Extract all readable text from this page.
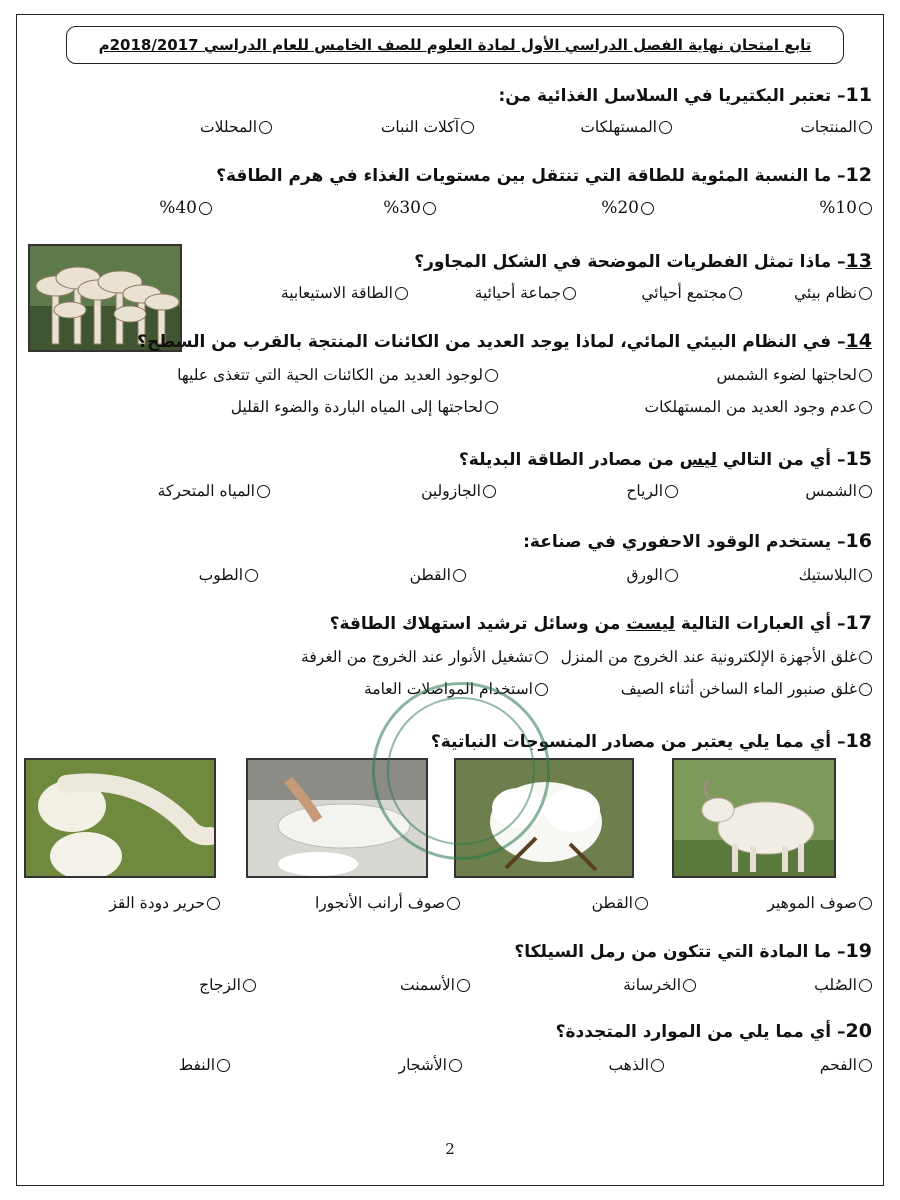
تابع امتحان نهاية الفصل الدراسي الأول لمادة العلوم للصف الخامس للعام الدراسي 2018/2017م
11– تعتبر البكتيريا في السلاسل الغذائية من:
المنتجات
المستهلكات
آكلات النبات
المحللات
12– ما النسبة المئوية للطاقة التي تنتقل بين مستويات الغذاء في هرم الطاقة؟
%10
%20
%30
%40
13– ماذا تمثل الفطريات الموضحة في الشكل المجاور؟
نظام بيئي
مجتمع أحيائي
جماعة أحيائية
الطاقة الاستيعابية
14– في النظام البيئي المائي، لماذا يوجد العديد من الكائنات المنتجة بالقرب من السطح؟
لحاجتها لضوء الشمس
لوجود العديد من الكائنات الحية التي تتغذى عليها
عدم وجود العديد من المستهلكات
لحاجتها إلى المياه الباردة والضوء القليل
15– أي من التالي ليس من مصادر الطاقة البديلة؟
الشمس
الرياح
الجازولين
المياه المتحركة
16– يستخدم الوقود الاحفوري في صناعة:
البلاستيك
الورق
القطن
الطوب
17– أي العبارات التالية ليست من وسائل ترشيد استهلاك الطاقة؟
غلق الأجهزة الإلكترونية عند الخروج من المنزل
تشغيل الأنوار عند الخروج من الغرفة
غلق صنبور الماء الساخن أثناء الصيف
استخدام المواصلات العامة
18– أي مما يلي يعتبر من مصادر المنسوجات النباتية؟
صوف الموهير
القطن
صوف أرانب الأنجورا
حرير دودة القز
19– ما المادة التي تتكون من رمل السيلكا؟
الصُلب
الخرسانة
الأسمنت
الزجاج
20– أي مما يلي من الموارد المتجددة؟
الفحم
الذهب
الأشجار
النفط
2
